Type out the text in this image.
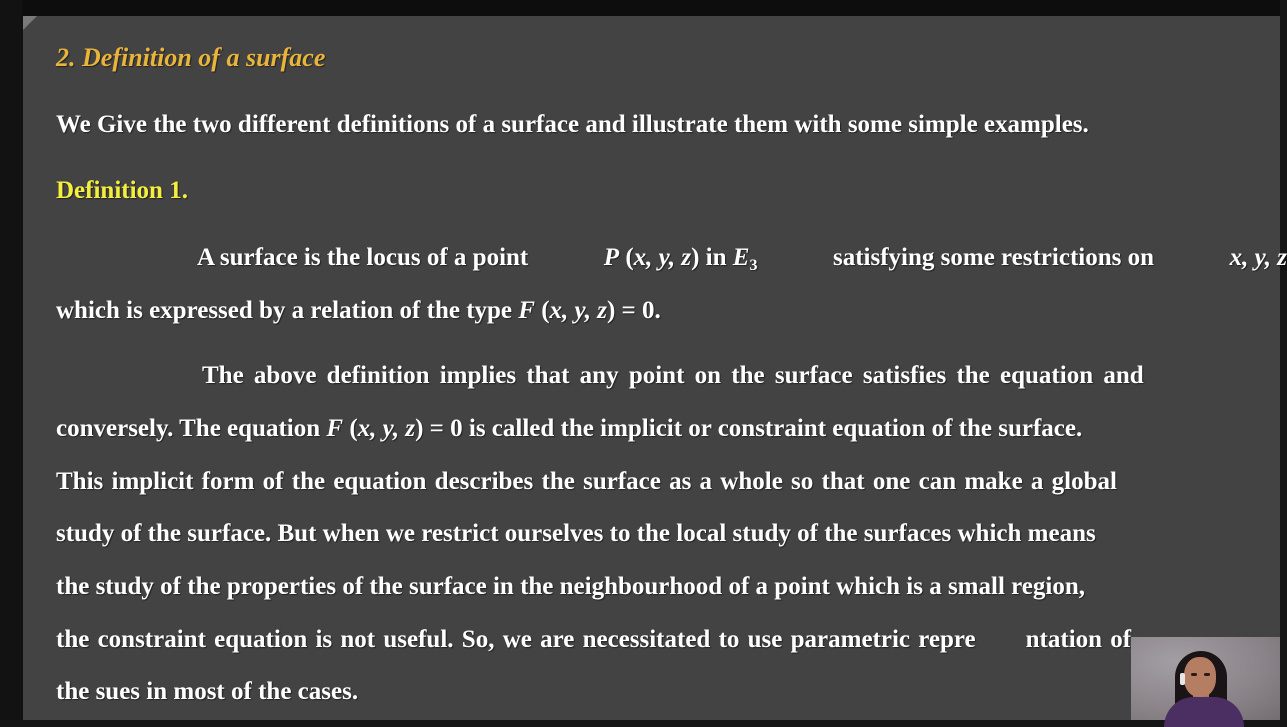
2. Definition of a surface
We Give the two different definitions of a surface and illustrate them with some simple examples.
Definition 1.
A surface is the locus of a point	P (x, y, z) in $E_3$	satisfying some restrictions on	x, y, z
which is expressed by a relation of the type F (x, y, z) = 0.
The above definition implies that any point on the surface satisfies the equation and
conversely. The equation F (x, y, z) = 0 is called the implicit or constraint equation of the surface.
This implicit form of the equation describes the surface as a whole so that one can make a global
study of the surface. But when we restrict ourselves to the local study of the surfaces which means
the study of the properties of the surface in the neighbourhood of a point which is a small region,
the constraint equation is not useful. So, we are necessitated to use parametric repre ntation of
the sues in most of the cases.
